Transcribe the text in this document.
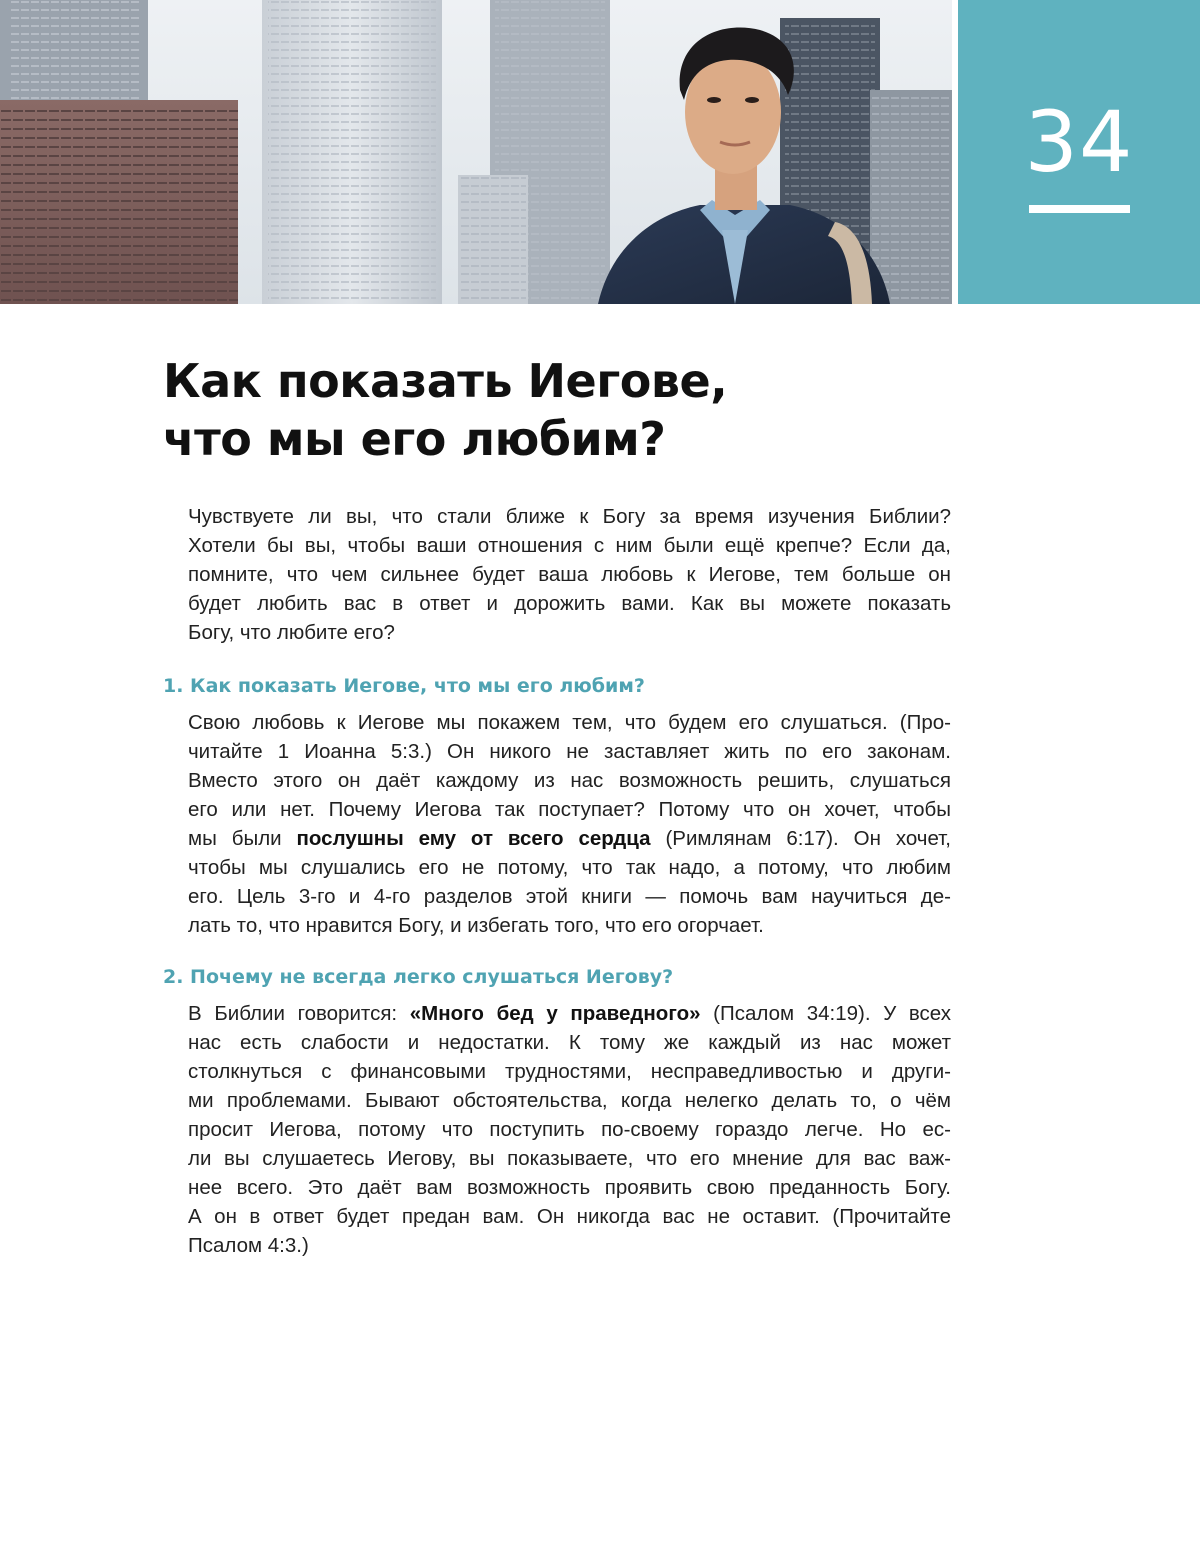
34
Как показать Иегове,
что мы его любим?

Чувствуете ли вы, что стали ближе к Богу за время изучения Библии?
Хотели бы вы, чтобы ваши отношения с ним были ещё крепче? Если да,
помните, что чем сильнее будет ваша любовь к Иегове, тем больше он
будет любить вас в ответ и дорожить вами. Как вы можете показать
Богу, что любите его?

1. Как показать Иегове, что мы его любим?

Свою любовь к Иегове мы покажем тем, что будем его слушаться. (Про-
читайте 1 Иоанна 5:3.) Он никого не заставляет жить по его законам.
Вместо этого он даёт каждому из нас возможность решить, слушаться
его или нет. Почему Иегова так поступает? Потому что он хочет, чтобы
мы были послушны ему от всего сердца (Римлянам 6:17). Он хочет,
чтобы мы слушались его не потому, что так надо, а потому, что любим
его. Цель 3-го и 4-го разделов этой книги — помочь вам научиться де-
лать то, что нравится Богу, и избегать того, что его огорчает.

2. Почему не всегда легко слушаться Иегову?

В Библии говорится: «Много бед у праведного» (Псалом 34:19). У всех
нас есть слабости и недостатки. К тому же каждый из нас может
столкнуться с финансовыми трудностями, несправедливостью и други-
ми проблемами. Бывают обстоятельства, когда нелегко делать то, о чём
просит Иегова, потому что поступить по-своему гораздо легче. Но ес-
ли вы слушаетесь Иегову, вы показываете, что его мнение для вас важ-
нее всего. Это даёт вам возможность проявить свою преданность Богу.
А он в ответ будет предан вам. Он никогда вас не оставит. (Прочитайте
Псалом 4:3.)
